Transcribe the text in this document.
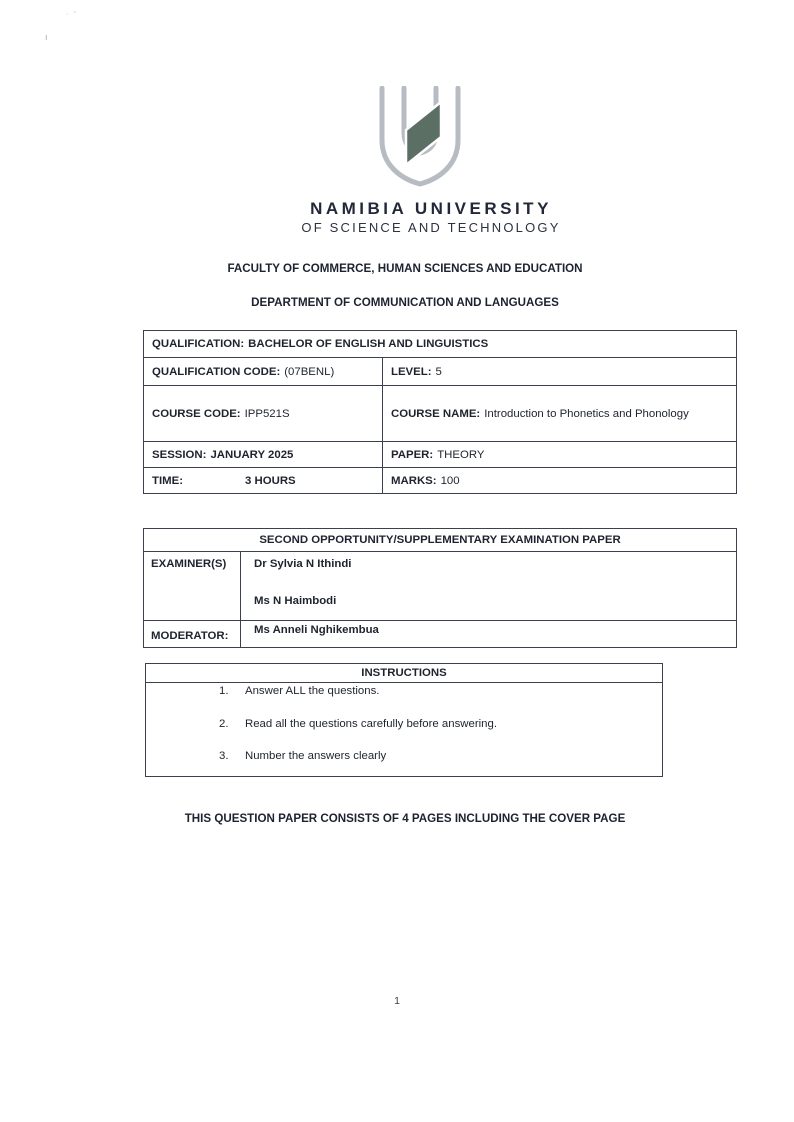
· '
ı
NAMIBIA UNIVERSITY
OF SCIENCE AND TECHNOLOGY
FACULTY OF COMMERCE, HUMAN SCIENCES AND EDUCATION
DEPARTMENT OF COMMUNICATION AND LANGUAGES
QUALIFICATION: BACHELOR OF ENGLISH AND LINGUISTICS
QUALIFICATION CODE: (07BENL)	LEVEL: 5
COURSE CODE: IPP521S	COURSE NAME: Introduction to Phonetics and Phonology
SESSION: JANUARY 2025	PAPER: THEORY
TIME:	3 HOURS	MARKS: 100
SECOND OPPORTUNITY/SUPPLEMENTARY EXAMINATION PAPER
EXAMINER(S)	Dr Sylvia N Ithindi
Ms N Haimbodi
MODERATOR:	Ms Anneli Nghikembua
INSTRUCTIONS
1.	Answer ALL the questions.
2.	Read all the questions carefully before answering.
3.	Number the answers clearly
THIS QUESTION PAPER CONSISTS OF 4 PAGES INCLUDING THE COVER PAGE
1
